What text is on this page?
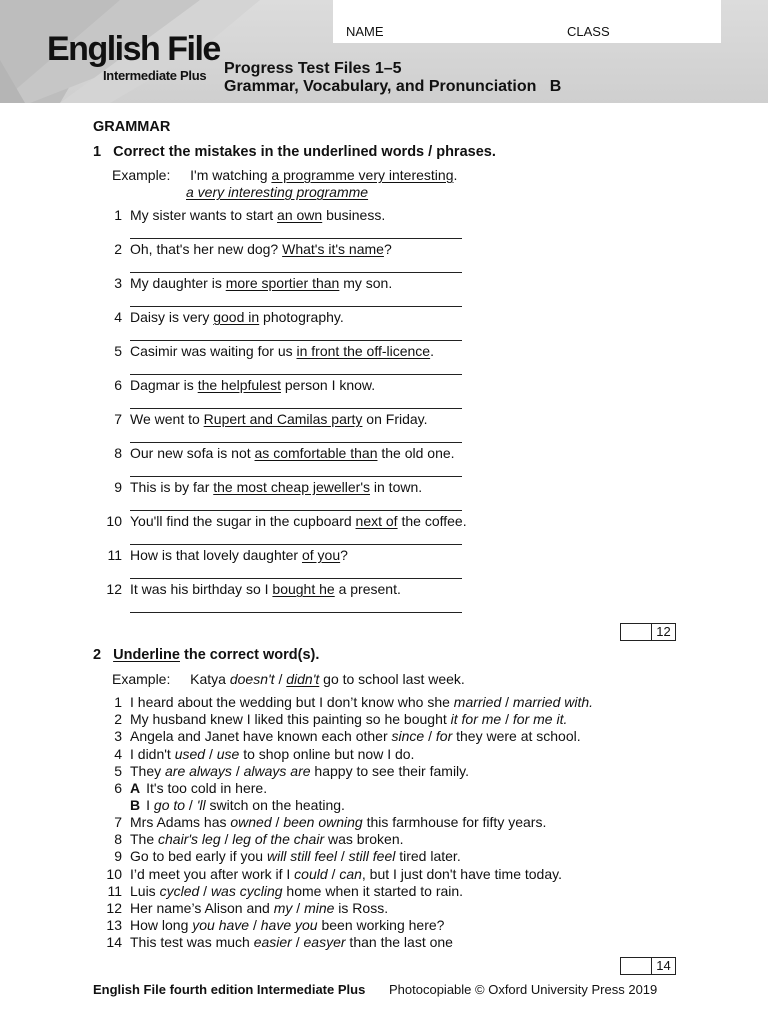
NAME	CLASS
English File
Intermediate Plus Progress Test Files 1–5
Grammar, Vocabulary, and Pronunciation   B
GRAMMAR
1 Correct the mistakes in the underlined words / phrases.
Example: I'm watching a programme very interesting.
a very interesting programme
1 My sister wants to start an own business.
2 Oh, that's her new dog? What's it's name?
3 My daughter is more sportier than my son.
4 Daisy is very good in photography.
5 Casimir was waiting for us in front the off-licence.
6 Dagmar is the helpfulest person I know.
7 We went to Rupert and Camilas party on Friday.
8 Our new sofa is not as comfortable than the old one.
9 This is by far the most cheap jeweller's in town.
10 You'll find the sugar in the cupboard next of the coffee.
11 How is that lovely daughter of you?
12 It was his birthday so I bought he a present.
12
2 Underline the correct word(s).
Example: Katya doesn't / didn't go to school last week.
1 I heard about the wedding but I don’t know who she married / married with.
2 My husband knew I liked this painting so he bought it for me / for me it.
3 Angela and Janet have known each other since / for they were at school.
4 I didn't used / use to shop online but now I do.
5 They are always / always are happy to see their family.
6 A It's too cold in here.
B I go to / 'll switch on the heating.
7 Mrs Adams has owned / been owning this farmhouse for fifty years.
8 The chair's leg / leg of the chair was broken.
9 Go to bed early if you will still feel / still feel tired later.
10 I’d meet you after work if I could / can, but I just don't have time today.
11 Luis cycled / was cycling home when it started to rain.
12 Her name’s Alison and my / mine is Ross.
13 How long you have / have you been working here?
14 This test was much easier / easyer than the last one
14
English File fourth edition Intermediate Plus Photocopiable © Oxford University Press 2019
